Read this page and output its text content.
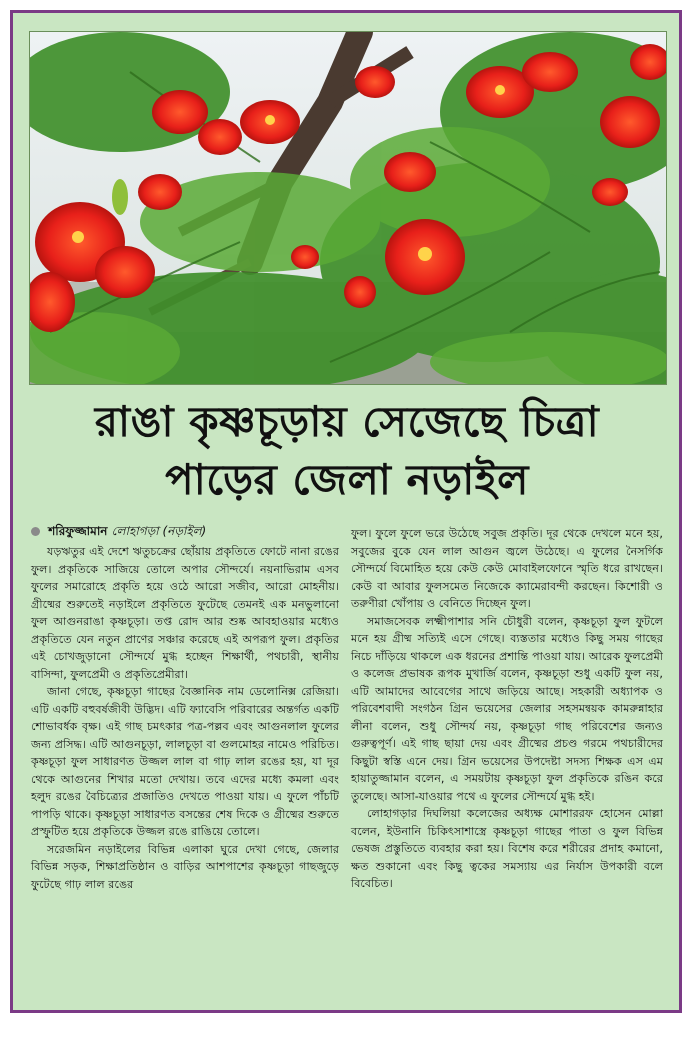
রাঙা কৃষ্ণচূড়ায় সেজেছে চিত্রা
পাড়ের জেলা নড়াইল
শরিফুজ্জামান লোহাগড়া (নড়াইল)

যড়ঋতুর এই দেশে ঋতুচক্রের ছোঁয়ায় প্রকৃতিতে ফোটে নানা রঙের ফুল। প্রকৃতিকে সাজিয়ে তোলে অপার সৌন্দর্যে। নয়নাভিরাম এসব ফুলের সমারোহে প্রকৃতি হয়ে ওঠে আরো সজীব, আরো মোহনীয়। গ্রীষ্মের শুরুতেই নড়াইলে প্রকৃতিতে ফুটেছে তেমনই এক মনভুলানো ফুল আগুনরাঙা কৃষ্ণচূড়া। তপ্ত রোদ আর শুষ্ক আবহাওয়ার মধ্যেও প্রকৃতিতে যেন নতুন প্রাণের সঞ্চার করেছে এই অপরূপ ফুল। প্রকৃতির এই চোখজুড়ানো সৌন্দর্যে মুগ্ধ হচ্ছেন শিক্ষার্থী, পথচারী, স্থানীয় বাসিন্দা, ফুলপ্রেমী ও প্রকৃতিপ্রেমীরা।

জানা গেছে, কৃষ্ণচূড়া গাছের বৈজ্ঞানিক নাম ডেলোনিক্স রেজিয়া। এটি একটি বহুবর্ষজীবী উদ্ভিদ। এটি ফ্যাবেসি পরিবারের অন্তর্গত একটি শোভাবর্ধক বৃক্ষ। এই গাছ চমৎকার পত্র-পল্লব এবং আগুনলাল ফুলের জন্য প্রসিদ্ধ। এটি আগুনচূড়া, লালচূড়া বা গুলমোহর নামেও পরিচিত। কৃষ্ণচূড়া ফুল সাধারণত উজ্জল লাল বা গাঢ় লাল রঙের হয়, যা দূর থেকে আগুনের শিখার মতো দেখায়। তবে এদের মধ্যে কমলা এবং হলুদ রঙের বৈচিত্র্যের প্রজাতিও দেখতে পাওয়া যায়। এ ফুলে পাঁচটি পাপড়ি থাকে। কৃষ্ণচূড়া সাধারণত বসন্তের শেষ দিকে ও গ্রীষ্মের শুরুতে প্রস্ফুটিত হয়ে প্রকৃতিকে উজ্জল রঙে রাঙিয়ে তোলে।

সরেজমিন নড়াইলের বিভিন্ন এলাকা ঘুরে দেখা গেছে, জেলার বিভিন্ন সড়ক, শিক্ষাপ্রতিষ্ঠান ও বাড়ির আশপাশের কৃষ্ণচূড়া গাছজুড়ে ফুটেছে গাঢ় লাল রঙের

ফুল। ফুলে ফুলে ভরে উঠেছে সবুজ প্রকৃতি। দূর থেকে দেখলে মনে হয়, সবুজের বুকে যেন লাল আগুন জ্বলে উঠেছে। এ ফুলের নৈসর্গিক সৌন্দর্যে বিমোহিত হয়ে কেউ কেউ মোবাইলফোনে স্মৃতি ধরে রাখছেন। কেউ বা আবার ফুলসমেত নিজেকে ক্যামেরাবন্দী করছেন। কিশোরী ও তরুণীরা খোঁপায় ও বেনিতে দিচ্ছেন ফুল।

সমাজসেবক লক্ষ্মীপাশার সনি চৌধুরী বলেন, কৃষ্ণচূড়া ফুল ফুটলে মনে হয় গ্রীষ্ম সত্যিই এসে গেছে। ব্যস্ততার মধ্যেও কিছু সময় গাছের নিচে দাঁড়িয়ে থাকলে এক ধরনের প্রশান্তি পাওয়া যায়। আরেক ফুলপ্রেমী ও কলেজ প্রভাষক রূপক মুখার্জি বলেন, কৃষ্ণচূড়া শুধু একটি ফুল নয়, এটি আমাদের আবেগের সাথে জড়িয়ে আছে। সহকারী অধ্যাপক ও পরিবেশবাদী সংগঠন গ্রিন ভয়েসের জেলার সহসমন্বয়ক কামরুন্নাহার লীনা বলেন, শুধু সৌন্দর্য নয়, কৃষ্ণচূড়া গাছ পরিবেশের জন্যও গুরুত্বপূর্ণ। এই গাছ ছায়া দেয় এবং গ্রীষ্মের প্রচণ্ড গরমে পথচারীদের কিছুটা স্বস্তি এনে দেয়। গ্রিন ভয়েসের উপদেষ্টা সদস্য শিক্ষক এস এম হায়াতুজ্জামান বলেন, এ সময়টায় কৃষ্ণচূড়া ফুল প্রকৃতিকে রঙিন করে তুলেছে। আসা-যাওয়ার পথে এ ফুলের সৌন্দর্যে মুগ্ধ হই।

লোহাগড়ার দিঘলিয়া কলেজের অধ্যক্ষ মোশাররফ হোসেন মোল্লা বলেন, ইউনানি চিকিৎসাশাস্ত্রে কৃষ্ণচূড়া গাছের পাতা ও ফুল বিভিন্ন ভেষজ প্রস্তুতিতে ব্যবহার করা হয়। বিশেষ করে শরীরের প্রদাহ কমানো, ক্ষত শুকানো এবং কিছু ত্বকের সমস্যায় এর নির্যাস উপকারী বলে বিবেচিত।
